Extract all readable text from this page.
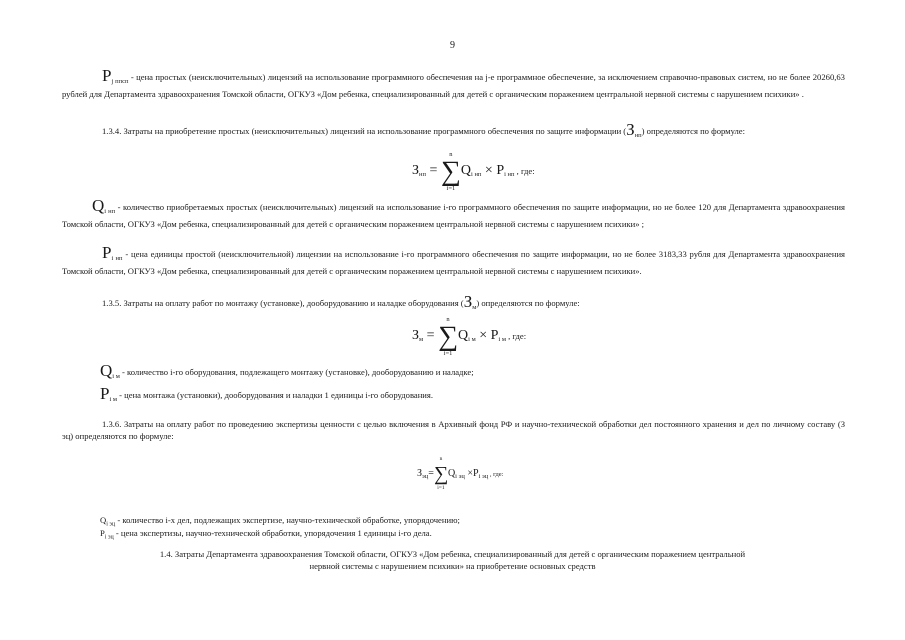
9
$P_{j ппсп}$ - цена простых (неисключительных) лицензий на использование программного обеспечения на j-е программное обеспечение, за исключением справочно-правовых систем, но не более 20260,63 рублей для Департамента здравоохранения Томской области, ОГКУЗ «Дом ребенка, специализированный для детей с органическим поражением центральной нервной системы с нарушением психики» .
1.3.4. Затраты на приобретение простых (неисключительных) лицензий на использование программного обеспечения по защите информации $(З_{нп})$ определяются по формуле:
$З_{нп}$ = ∑
n
i=1
$Q_{i нп} \times P_{i нп}$ , где:
$Q_{i нп}$ - количество приобретаемых простых (неисключительных) лицензий на использование i-го программного обеспечения по защите информации, но не более 120 для Департамента здравоохранения Томской области, ОГКУЗ «Дом ребенка, специализированный для детей с органическим поражением центральной нервной системы с нарушением психики» ;
$P_{i нп}$ - цена единицы простой (неисключительной) лицензии на использование i-го программного обеспечения по защите информации, но не более 3183,33 рубля для Департамента здравоохранения Томской области, ОГКУЗ «Дом ребенка, специализированный для детей с органическим поражением центральной нервной системы с нарушением психики».
1.3.5. Затраты на оплату работ по монтажу (установке), дооборудованию и наладке оборудования $(З_м)$ определяются по формуле:
$З_м$ = ∑
n
i=1
$Q_{i м} \times P_{i м}$ , где:
$Q_{i м}$ - количество i-го оборудования, подлежащего монтажу (установке), дооборудованию и наладке;
$P_{i м}$ - цена монтажа (установки), дооборудования и наладки 1 единицы i-го оборудования.
1.3.6. Затраты на оплату работ по проведению экспертизы ценности с целью включения в Архивный фонд РФ и научно-технической обработки дел постоянного хранения и дел по личному составу (З эц) определяются по формуле:
$З_{эц}=\sum$
n
i=1
$Q_{i эц} \times P_{i эц}$ , где:
$Q_{i эц}$ - количество i-х дел, подлежащих экспертизе, научно-технической обработке, упорядочению;
$P_{i эц}$ - цена экспертизы, научно-технической обработки, упорядочения 1 единицы i-го дела.
1.4. Затраты Департамента здравоохранения Томской области, ОГКУЗ «Дом ребенка, специализированный для детей с органическим поражением центральной
нервной системы с нарушением психики» на приобретение основных средств
